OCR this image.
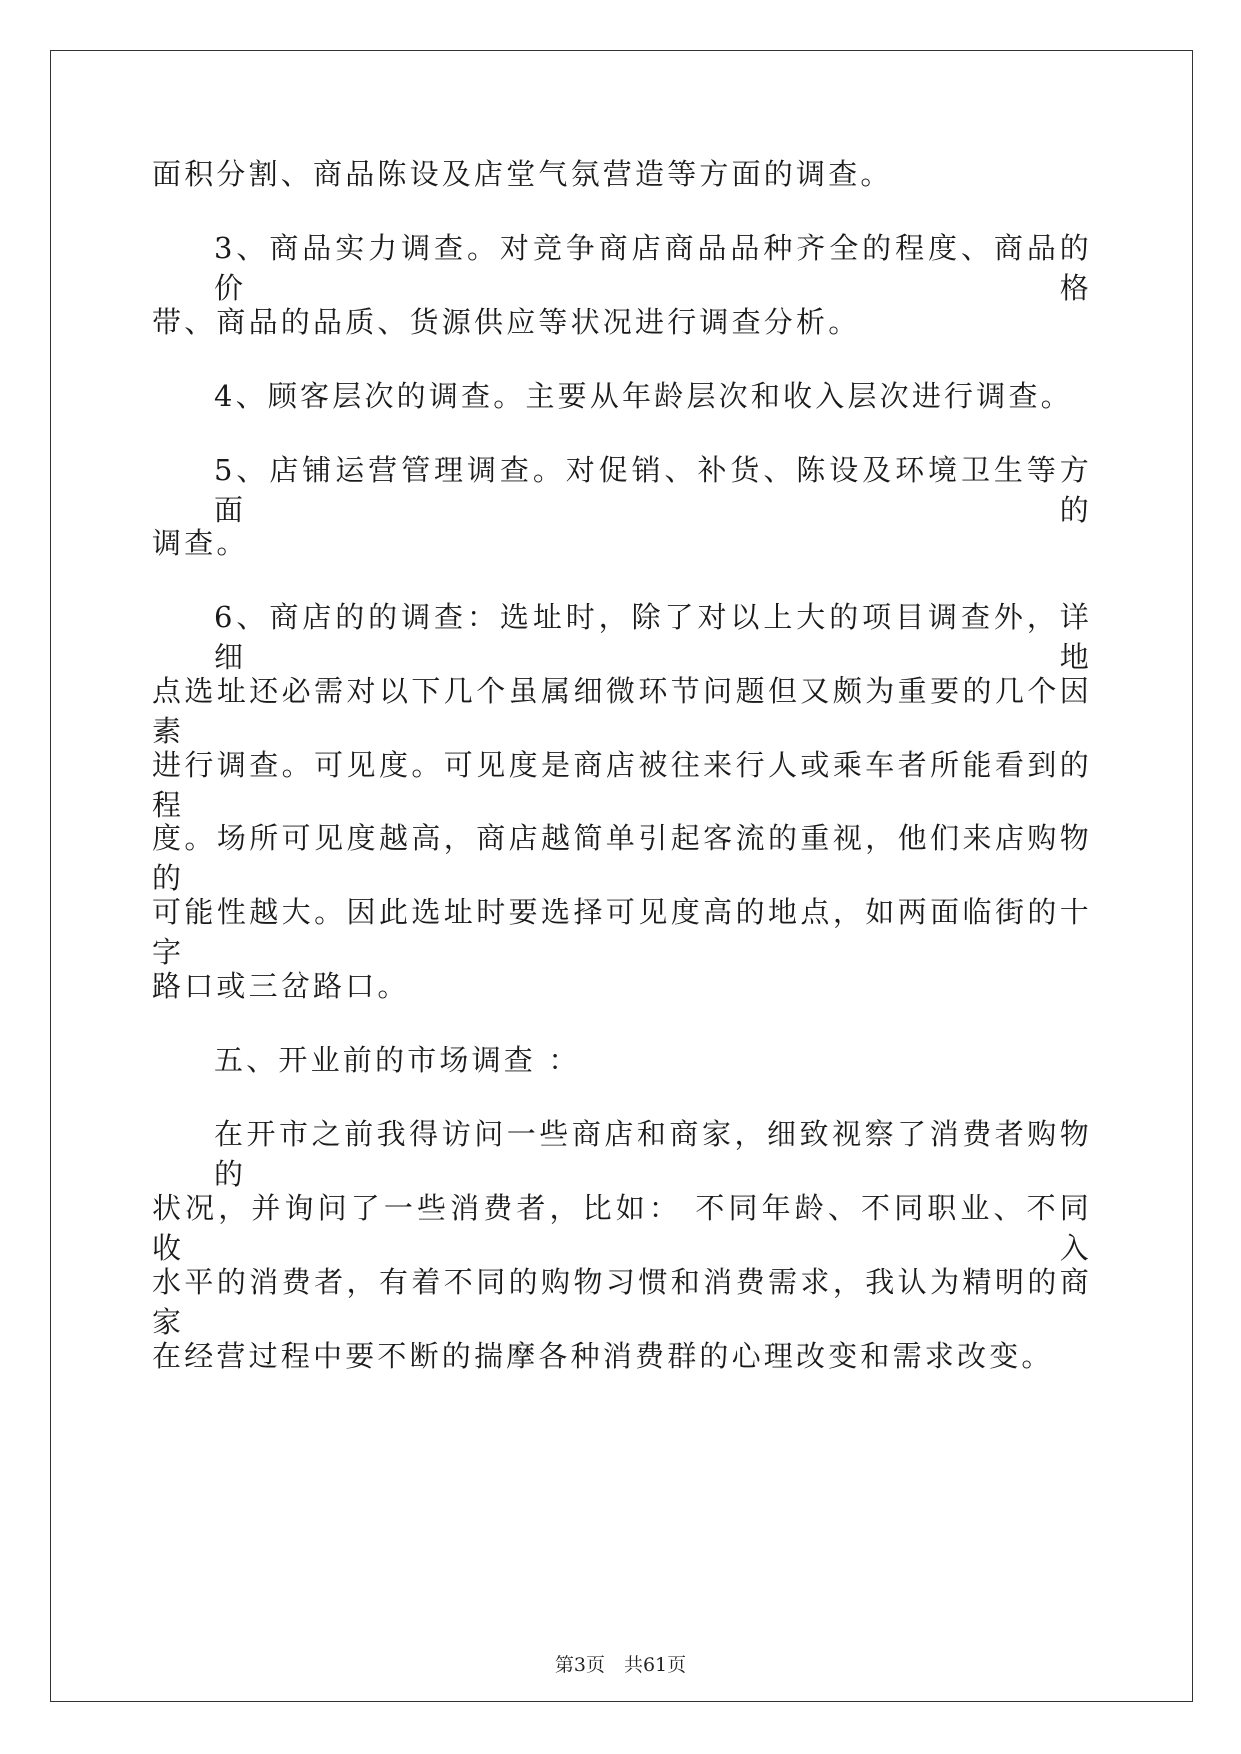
面积分割、商品陈设及店堂气氛营造等方面的调查。
3、商品实力调查。对竞争商店商品品种齐全的程度、商品的价格
带、商品的品质、货源供应等状况进行调查分析。
4、顾客层次的调查。主要从年龄层次和收入层次进行调查。
5、店铺运营管理调查。对促销、补货、陈设及环境卫生等方面的
调查。
6、商店的的调查：选址时，除了对以上大的项目调查外，详细地
点选址还必需对以下几个虽属细微环节问题但又颇为重要的几个因素
进行调查。可见度。可见度是商店被往来行人或乘车者所能看到的程
度。场所可见度越高，商店越简单引起客流的重视，他们来店购物的
可能性越大。因此选址时要选择可见度高的地点，如两面临街的十字
路口或三岔路口。
五、开业前的市场调查 ：
在开市之前我得访问一些商店和商家，细致视察了消费者购物的
状况，并询问了一些消费者，比如： 不同年龄、不同职业、不同收入
水平的消费者，有着不同的购物习惯和消费需求，我认为精明的商家
在经营过程中要不断的揣摩各种消费群的心理改变和需求改变。
第3页　共61页
